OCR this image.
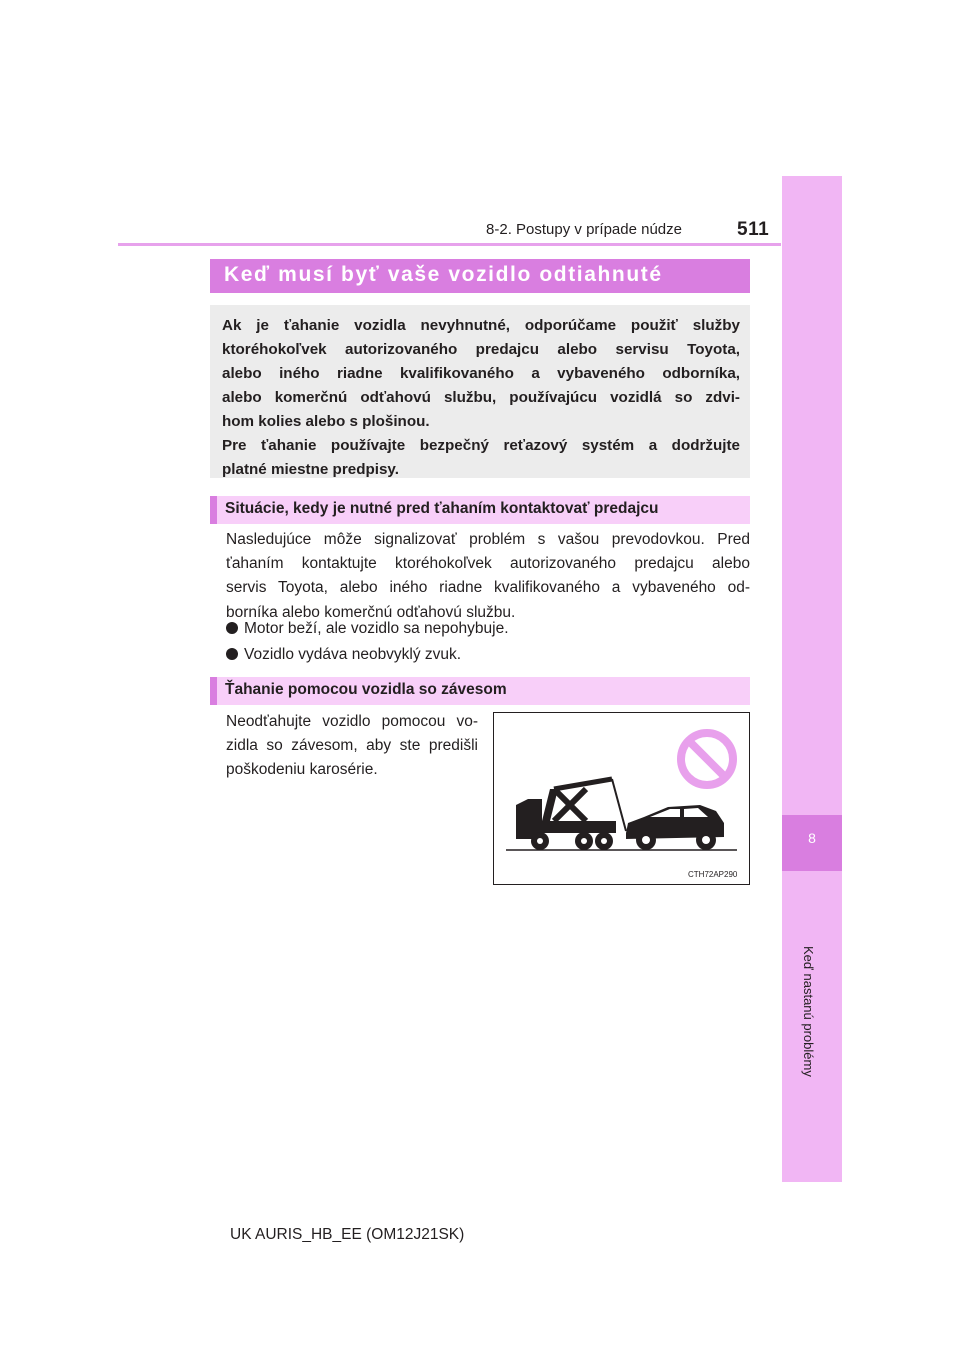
8-2. Postupy v prípade núdze	511
8
Keď nastanú problémy
Keď musí byť vaše vozidlo odtiahnuté

Ak je ťahanie vozidla nevyhnutné, odporúčame použiť služby

ktoréhokoľvek autorizovaného predajcu alebo servisu Toyota,

alebo iného riadne kvalifikovaného a vybaveného odborníka,

alebo komerčnú odťahovú službu, používajúcu vozidlá so zdvi-

hom kolies alebo s plošinou.

Pre ťahanie používajte bezpečný reťazový systém a dodržujte

platné miestne predpisy.

Situácie, kedy je nutné pred ťahaním kontaktovať predajcu

Nasledujúce môže signalizovať problém s vašou prevodovkou. Pred

ťahaním kontaktujte ktoréhokoľvek autorizovaného predajcu alebo

servis Toyota, alebo iného riadne kvalifikovaného a vybaveného od-

borníka alebo komerčnú odťahovú službu.

Motor beží, ale vozidlo sa nepohybuje.
Vozidlo vydáva neobvyklý zvuk.
Ťahanie pomocou vozidla so závesom

Neodťahujte vozidlo pomocou vo-

zidla so závesom, aby ste predišli

poškodeniu karosérie.

CTH72AP290
UK AURIS_HB_EE (OM12J21SK)
